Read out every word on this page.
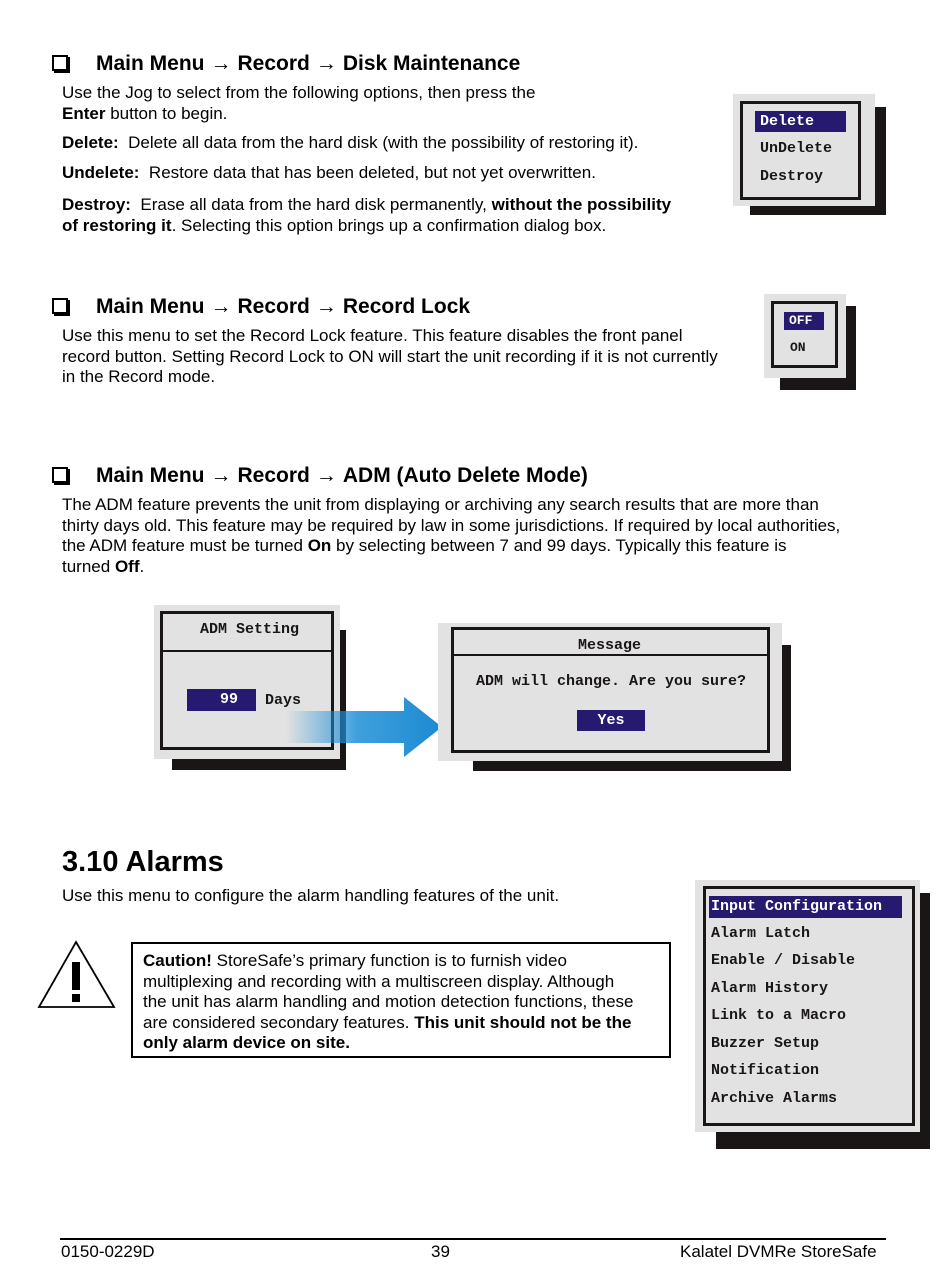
Main Menu → Record → Disk Maintenance
Use the Jog to select from the following options, then press the
Enter button to begin.
Delete: Delete all data from the hard disk (with the possibility of restoring it).
Undelete: Restore data that has been deleted, but not yet overwritten.
Destroy: Erase all data from the hard disk permanently, without the possibility
of restoring it. Selecting this option brings up a confirmation dialog box.
Delete
UnDelete
Destroy
Main Menu → Record → Record Lock
Use this menu to set the Record Lock feature. This feature disables the front panel
record button. Setting Record Lock to ON will start the unit recording if it is not currently
in the Record mode.
OFF
ON
Main Menu → Record → ADM (Auto Delete Mode)
The ADM feature prevents the unit from displaying or archiving any search results that are more than
thirty days old. This feature may be required by law in some jurisdictions. If required by local authorities,
the ADM feature must be turned On by selecting between 7 and 99 days. Typically this feature is
turned Off.
ADM Setting
99	Days
Message
ADM will change. Are you sure?
Yes
3.10 Alarms
Use this menu to configure the alarm handling features of the unit.
Caution! StoreSafe’s primary function is to furnish video
multiplexing and recording with a multiscreen display. Although
the unit has alarm handling and motion detection functions, these
are considered secondary features. This unit should not be the
only alarm device on site.
Input Configuration
Alarm Latch
Enable / Disable
Alarm History
Link to a Macro
Buzzer Setup
Notification
Archive Alarms
0150-0229D	39	Kalatel DVMRe StoreSafe
